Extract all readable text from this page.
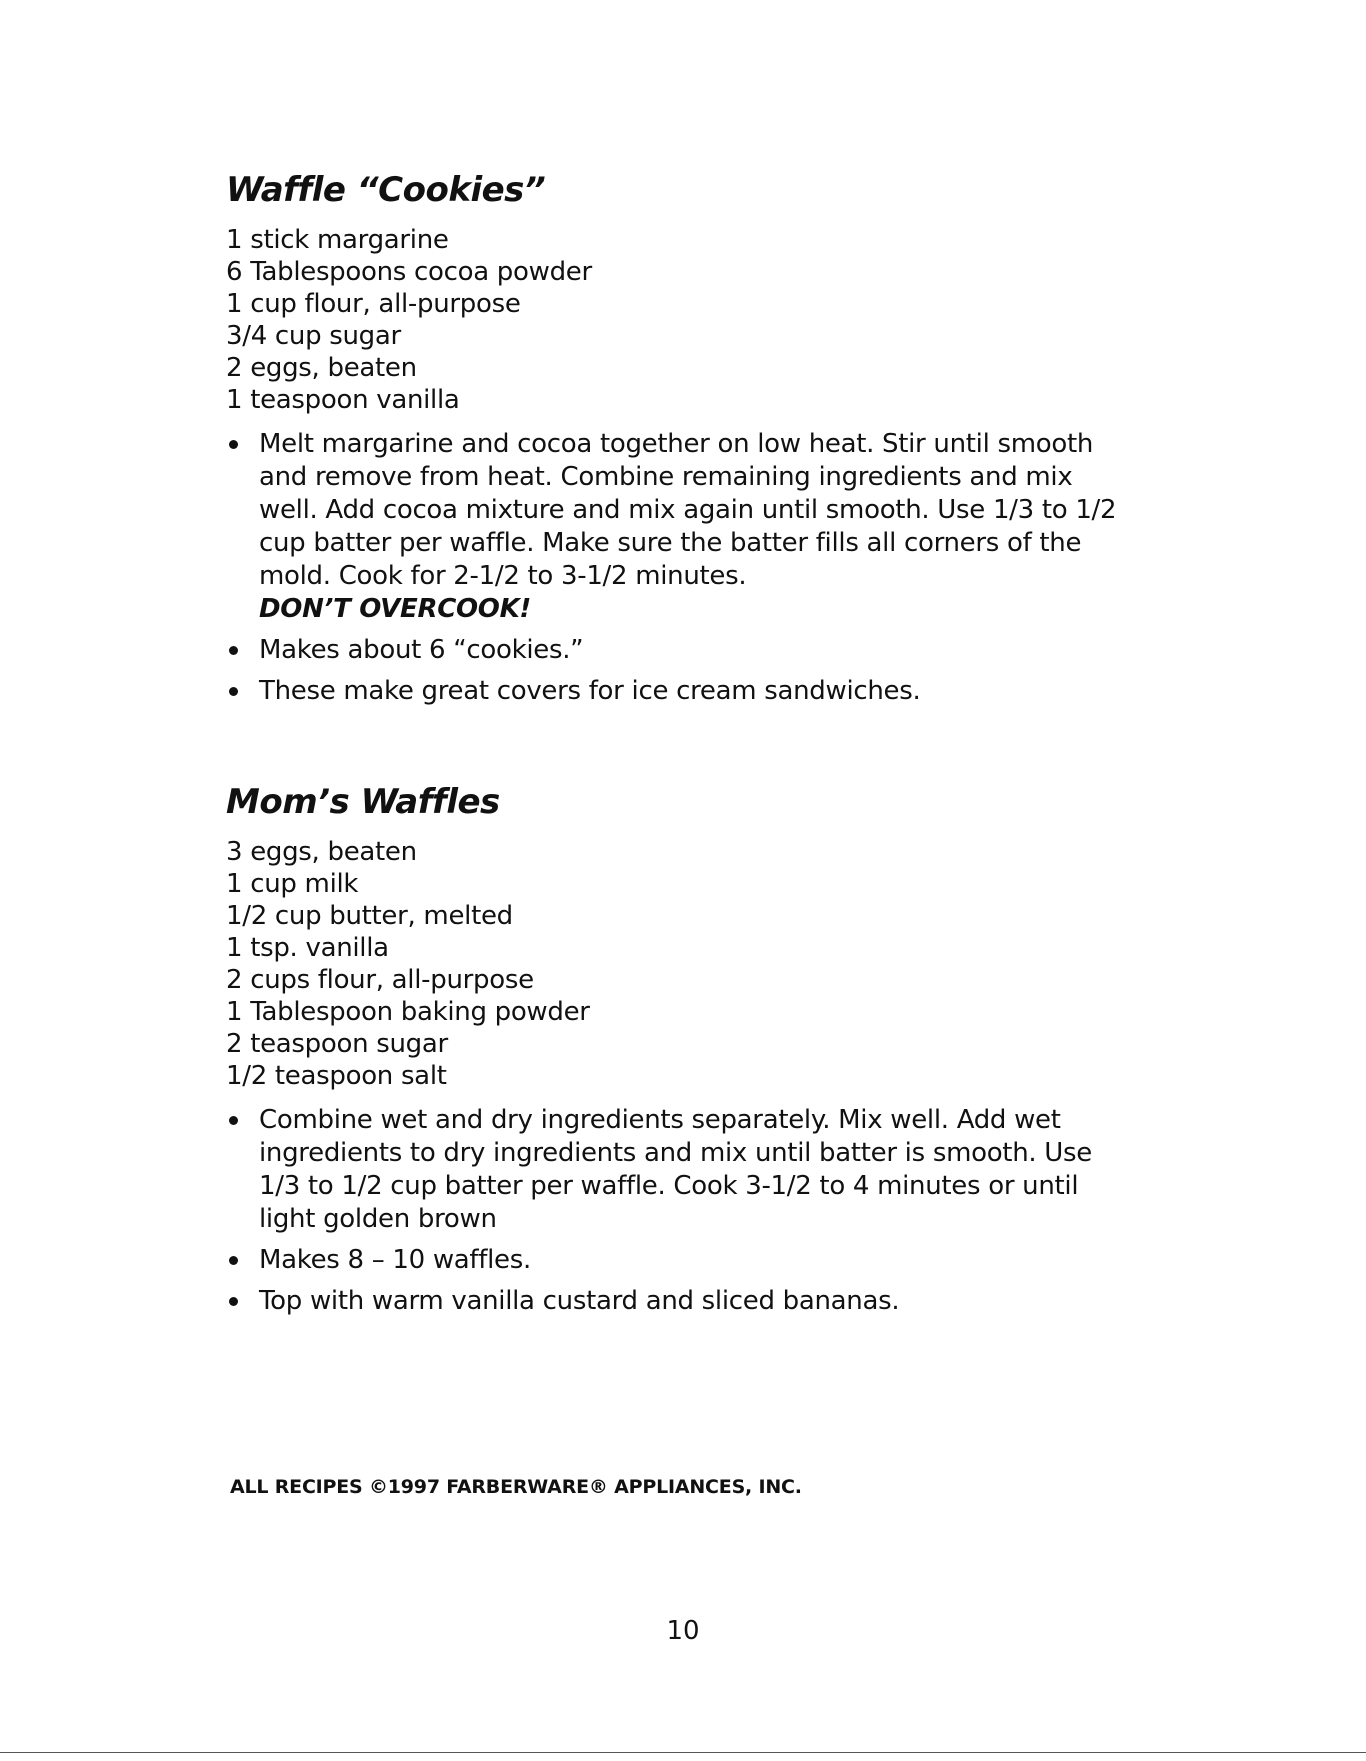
Waffle “Cookies”
1 stick margarine
6 Tablespoons cocoa powder
1 cup flour, all-purpose
3/4 cup sugar
2 eggs, beaten
1 teaspoon vanilla
Melt margarine and cocoa together on low heat. Stir until smooth and remove from heat. Combine remaining ingredients and mix well. Add cocoa mixture and mix again until smooth. Use 1/3 to 1/2 cup batter per waffle. Make sure the batter fills all corners of the mold. Cook for 2-1/2 to 3-1/2 minutes.
DON’T OVERCOOK!
Makes about 6 “cookies.”
These make great covers for ice cream sandwiches.
Mom’s Waffles
3 eggs, beaten
1 cup milk
1/2 cup butter, melted
1 tsp. vanilla
2 cups flour, all-purpose
1 Tablespoon baking powder
2 teaspoon sugar
1/2 teaspoon salt
Combine wet and dry ingredients separately. Mix well. Add wet ingredients to dry ingredients and mix until batter is smooth. Use 1/3 to 1/2 cup batter per waffle. Cook 3-1/2 to 4 minutes or until light golden brown
Makes 8 – 10 waffles.
Top with warm vanilla custard and sliced bananas.
ALL RECIPES ©1997 FARBERWARE® APPLIANCES, INC.
10
